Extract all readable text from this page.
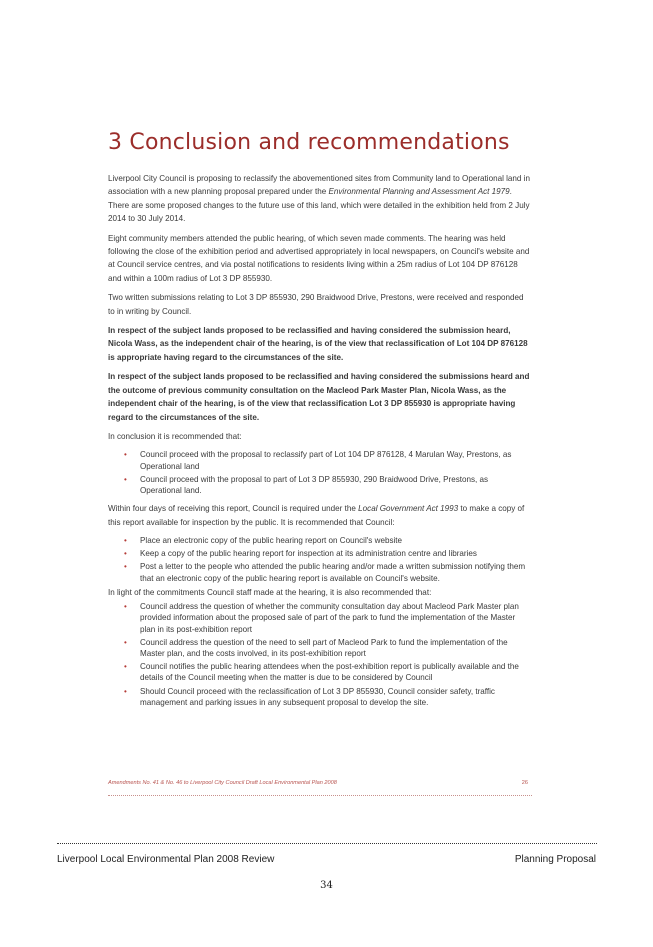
3 Conclusion and recommendations

Liverpool City Council is proposing to reclassify the abovementioned sites from Community land to Operational land in association with a new planning proposal prepared under the Environmental Planning and Assessment Act 1979. There are some proposed changes to the future use of this land, which were detailed in the exhibition held from 2 July 2014 to 30 July 2014.

Eight community members attended the public hearing, of which seven made comments. The hearing was held following the close of the exhibition period and advertised appropriately in local newspapers, on Council's website and at Council service centres, and via postal notifications to residents living within a 25m radius of Lot 104 DP 876128 and within a 100m radius of Lot 3 DP 855930.

Two written submissions relating to Lot 3 DP 855930, 290 Braidwood Drive, Prestons, were received and responded to in writing by Council.

In respect of the subject lands proposed to be reclassified and having considered the submission heard, Nicola Wass, as the independent chair of the hearing, is of the view that reclassification of Lot 104 DP 876128 is appropriate having regard to the circumstances of the site.

In respect of the subject lands proposed to be reclassified and having considered the submissions heard and the outcome of previous community consultation on the Macleod Park Master Plan, Nicola Wass, as the independent chair of the hearing, is of the view that reclassification Lot 3 DP 855930 is appropriate having regard to the circumstances of the site.

In conclusion it is recommended that:

• Council proceed with the proposal to reclassify part of Lot 104 DP 876128, 4 Marulan Way, Prestons, as Operational land
• Council proceed with the proposal to part of Lot 3 DP 855930, 290 Braidwood Drive, Prestons, as Operational land.

Within four days of receiving this report, Council is required under the Local Government Act 1993 to make a copy of this report available for inspection by the public. It is recommended that Council:

• Place an electronic copy of the public hearing report on Council's website
• Keep a copy of the public hearing report for inspection at its administration centre and libraries
• Post a letter to the people who attended the public hearing and/or made a written submission notifying them that an electronic copy of the public hearing report is available on Council's website.

In light of the commitments Council staff made at the hearing, it is also recommended that:

• Council address the question of whether the community consultation day about Macleod Park Master plan provided information about the proposed sale of part of the park to fund the implementation of the Master plan in its post-exhibition report
• Council address the question of the need to sell part of Macleod Park to fund the implementation of the Master plan, and the costs involved, in its post-exhibition report
• Council notifies the public hearing attendees when the post-exhibition report is publically available and the details of the Council meeting when the matter is due to be considered by Council
• Should Council proceed with the reclassification of Lot 3 DP 855930, Council consider safety, traffic management and parking issues in any subsequent proposal to develop the site.
Amendments No. 41 & No. 46 to Liverpool City Council Draft Local Environmental Plan 2008	26
Liverpool Local Environmental Plan 2008 Review	Planning Proposal
34
